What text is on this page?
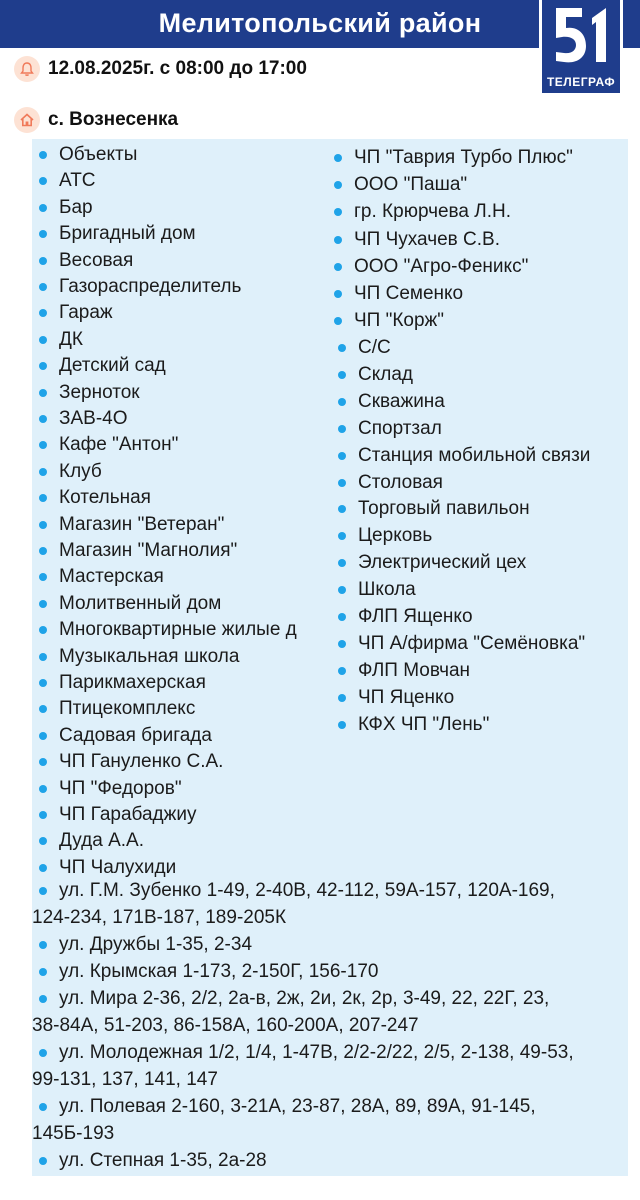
Мелитопольский район
ТЕЛЕГРАФ
12.08.2025г. с 08:00 до 17:00
с. Вознесенка
Объекты
АТС
Бар
Бригадный дом
Весовая
Газораспределитель
Гараж
ДК
Детский сад
Зерноток
ЗАВ-4О
Кафе "Антон"
Клуб
Котельная
Магазин "Ветеран"
Магазин "Магнолия"
Мастерская
Молитвенный дом
Многоквартирные жилые д
Музыкальная школа
Парикмахерская
Птицекомплекс
Садовая бригада
ЧП Гануленко С.А.
ЧП "Федоров"
ЧП Гарабаджиу
Дуда А.А.
ЧП Чалухиди
ЧП "Таврия Турбо Плюс"
ООО "Паша"
гр. Крюрчева Л.Н.
ЧП Чухачев С.В.
ООО "Агро-Феникс"
ЧП Семенко
ЧП "Корж"
С/С
Склад
Скважина
Спортзал
Станция мобильной связи
Столовая
Торговый павильон
Церковь
Электрический цех
Школа
ФЛП Ященко
ЧП А/фирма "Семёновка"
ФЛП Мовчан
ЧП Яценко
КФХ ЧП "Лень"
ул. Г.М. Зубенко 1-49, 2-40В, 42-112, 59А-157, 120А-169,
124-234, 171В-187, 189-205К
ул. Дружбы 1-35, 2-34
ул. Крымская 1-173, 2-150Г, 156-170
ул. Мира 2-36, 2/2, 2а-в, 2ж, 2и, 2к, 2р, 3-49, 22, 22Г, 23,
38-84А, 51-203, 86-158А, 160-200А, 207-247
ул. Молодежная 1/2, 1/4, 1-47В, 2/2-2/22, 2/5, 2-138, 49-53,
99-131, 137, 141, 147
ул. Полевая 2-160, 3-21А, 23-87, 28А, 89, 89А, 91-145,
145Б-193
ул. Степная 1-35, 2а-28
